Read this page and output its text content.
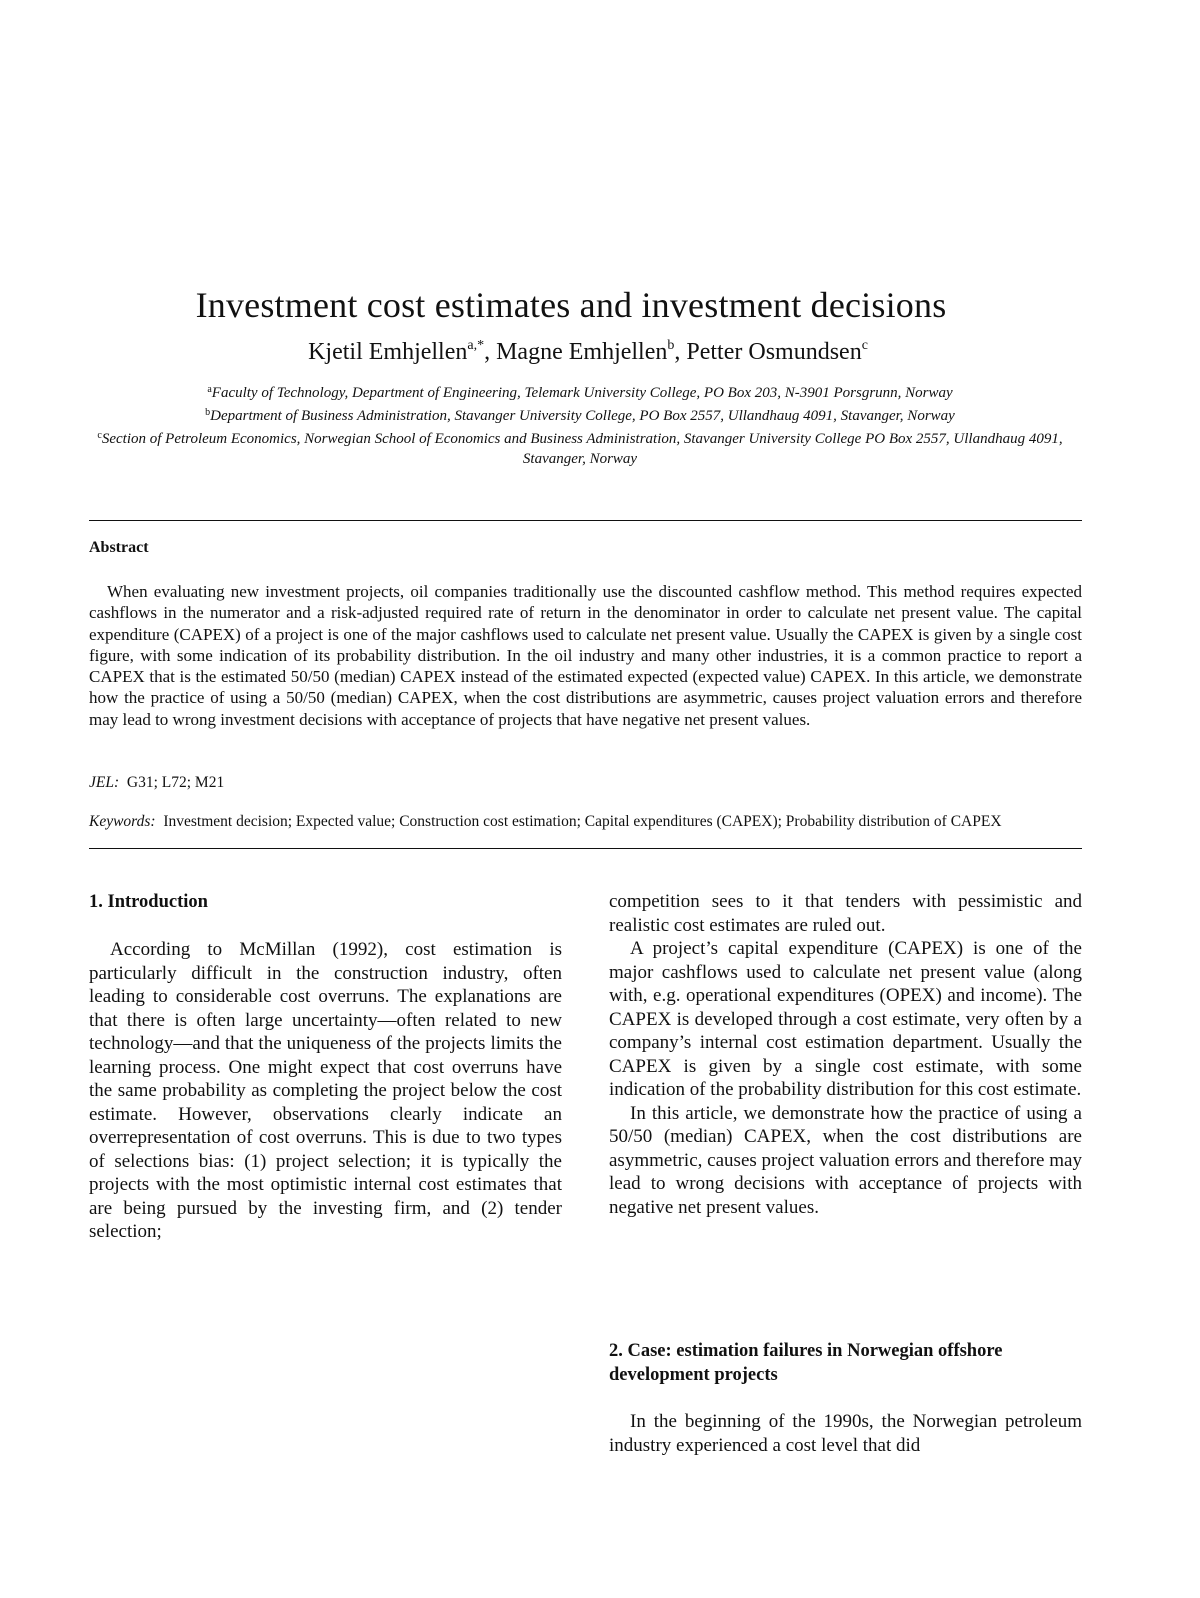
Investment cost estimates and investment decisions
Kjetil Emhjellen$^{a,*}$, Magne Emhjellen$^b$, Petter Osmundsen$^c$
$^a$Faculty of Technology, Department of Engineering, Telemark University College, PO Box 203, N-3901 Porsgrunn, Norway
$^b$Department of Business Administration, Stavanger University College, PO Box 2557, Ullandhaug 4091, Stavanger, Norway
$^c$Section of Petroleum Economics, Norwegian School of Economics and Business Administration, Stavanger University College PO Box 2557, Ullandhaug 4091, Stavanger, Norway
Abstract
When evaluating new investment projects, oil companies traditionally use the discounted cashflow method. This method requires expected cashflows in the numerator and a risk-adjusted required rate of return in the denominator in order to calculate net present value. The capital expenditure (CAPEX) of a project is one of the major cashflows used to calculate net present value. Usually the CAPEX is given by a single cost figure, with some indication of its probability distribution. In the oil industry and many other industries, it is a common practice to report a CAPEX that is the estimated 50/50 (median) CAPEX instead of the estimated expected (expected value) CAPEX. In this article, we demonstrate how the practice of using a 50/50 (median) CAPEX, when the cost distributions are asymmetric, causes project valuation errors and therefore may lead to wrong investment decisions with acceptance of projects that have negative net present values.
JEL: G31; L72; M21
Keywords: Investment decision; Expected value; Construction cost estimation; Capital expenditures (CAPEX); Probability distribution of CAPEX
1. Introduction

According to McMillan (1992), cost estimation is particularly difficult in the construction industry, often leading to considerable cost overruns. The explanations are that there is often large uncertainty—often related to new technology—and that the uniqueness of the projects limits the learning process. One might expect that cost overruns have the same probability as completing the project below the cost estimate. However, observations clearly indicate an overrepresentation of cost overruns. This is due to two types of selections bias: (1) project selection; it is typically the projects with the most optimistic internal cost estimates that are being pursued by the investing firm, and (2) tender selection;

competition sees to it that tenders with pessimistic and realistic cost estimates are ruled out.

A project’s capital expenditure (CAPEX) is one of the major cashflows used to calculate net present value (along with, e.g. operational expenditures (OPEX) and income). The CAPEX is developed through a cost estimate, very often by a company’s internal cost estimation department. Usually the CAPEX is given by a single cost estimate, with some indication of the probability distribution for this cost estimate.

In this article, we demonstrate how the practice of using a 50/50 (median) CAPEX, when the cost distributions are asymmetric, causes project valuation errors and therefore may lead to wrong decisions with acceptance of projects with negative net present values.

2. Case: estimation failures in Norwegian offshore development projects

In the beginning of the 1990s, the Norwegian petroleum industry experienced a cost level that did
